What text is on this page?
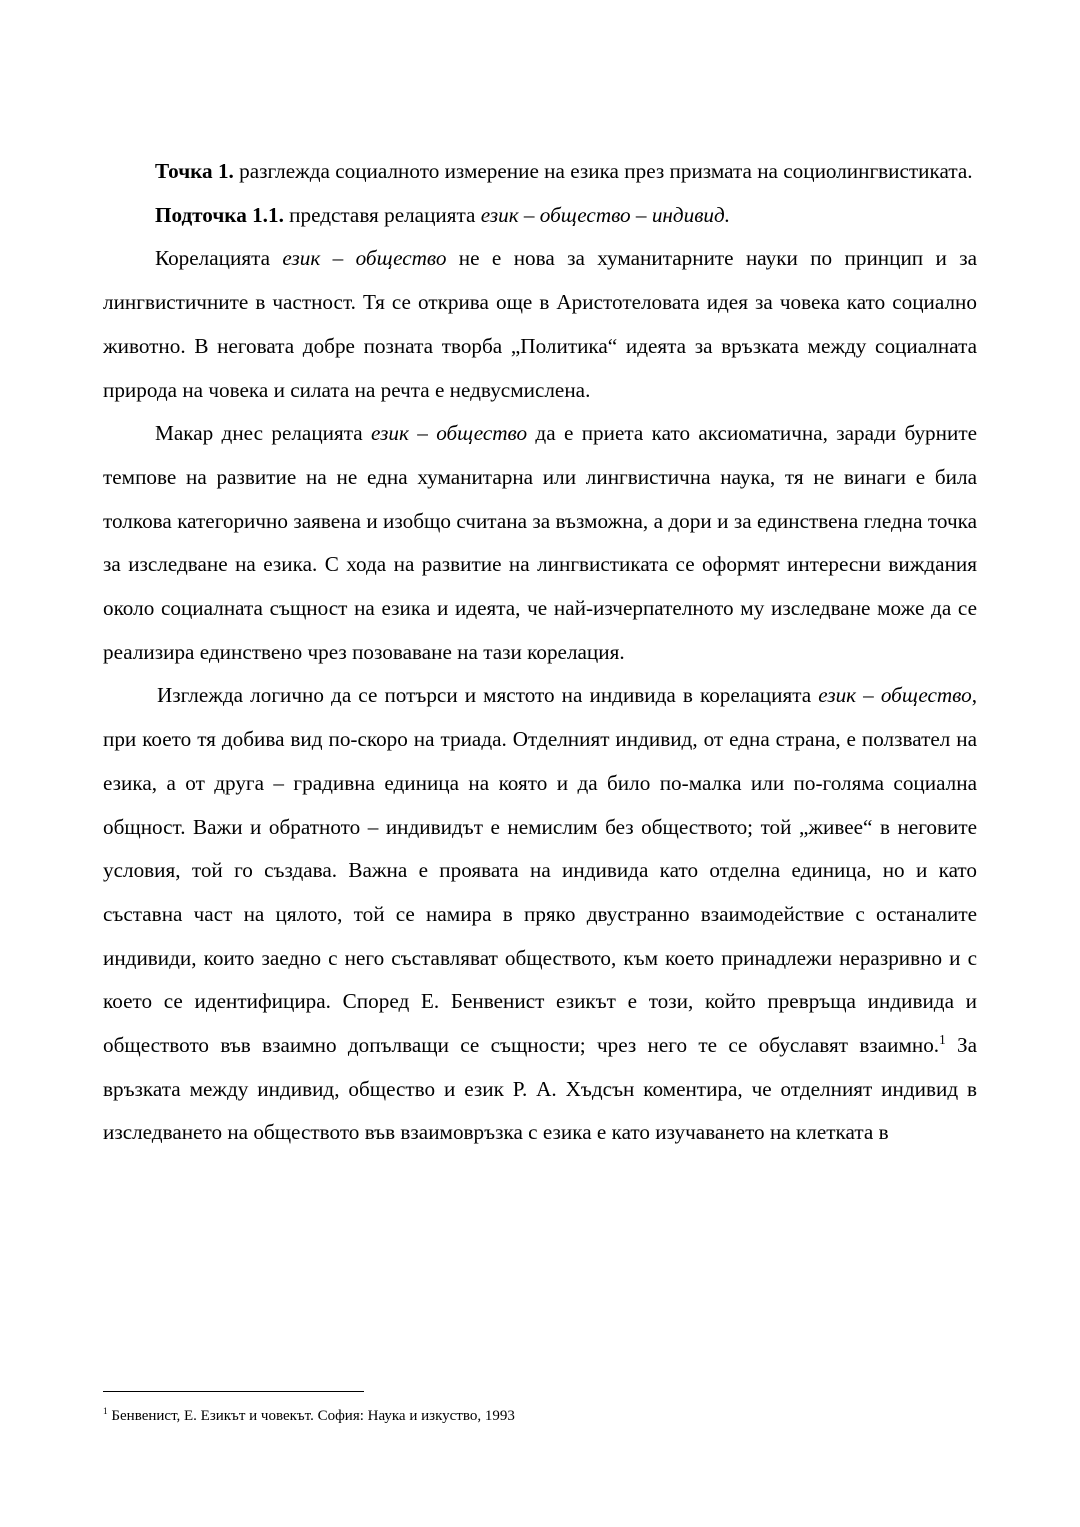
Точка 1. разглежда социалното измерение на езика през призмата на социолингвистиката.

Подточка 1.1. представя релацията език – общество – индивид.

Корелацията език – общество не е нова за хуманитарните науки по принцип и за лингвистичните в частност. Тя се открива още в Аристотеловата идея за човека като социално животно. В неговата добре позната творба „Политика“ идеята за връзката между социалната природа на човека и силата на речта е недвусмислена.

Макар днес релацията език – общество да е приета като аксиоматична, заради бурните темпове на развитие на не една хуманитарна или лингвистична наука, тя не винаги е била толкова категорично заявена и изобщо считана за възможна, а дори и за единствена гледна точка за изследване на езика. С хода на развитие на лингвистиката се оформят интересни виждания около социалната същност на езика и идеята, че най-изчерпателното му изследване може да се реализира единствено чрез позоваване на тази корелация.

Изглежда логично да се потърси и мястото на индивида в корелацията език – общество, при което тя добива вид по-скоро на триада. Отделният индивид, от една страна, е ползвател на езика, а от друга – градивна единица на която и да било по-малка или по-голяма социална общност. Важи и обратното – индивидът е немислим без обществото; той „живее“ в неговите условия, той го създава. Важна е проявата на индивида като отделна единица, но и като съставна част на цялото, той се намира в пряко двустранно взаимодействие с останалите индивиди, които заедно с него съставляват обществото, към което принадлежи неразривно и с което се идентифицира. Според Е. Бенвенист езикът е този, който превръща индивида и обществото във взаимно допълващи се същности; чрез него те се обуславят взаимно.$^1$ За връзката между индивид, общество и език Р. А. Хъдсън коментира, че отделният индивид в изследването на обществото във взаимовръзка с езика е като изучаването на клетката в

$^1$ Бенвенист, Е. Езикът и човекът. София: Наука и изкуство, 1993
